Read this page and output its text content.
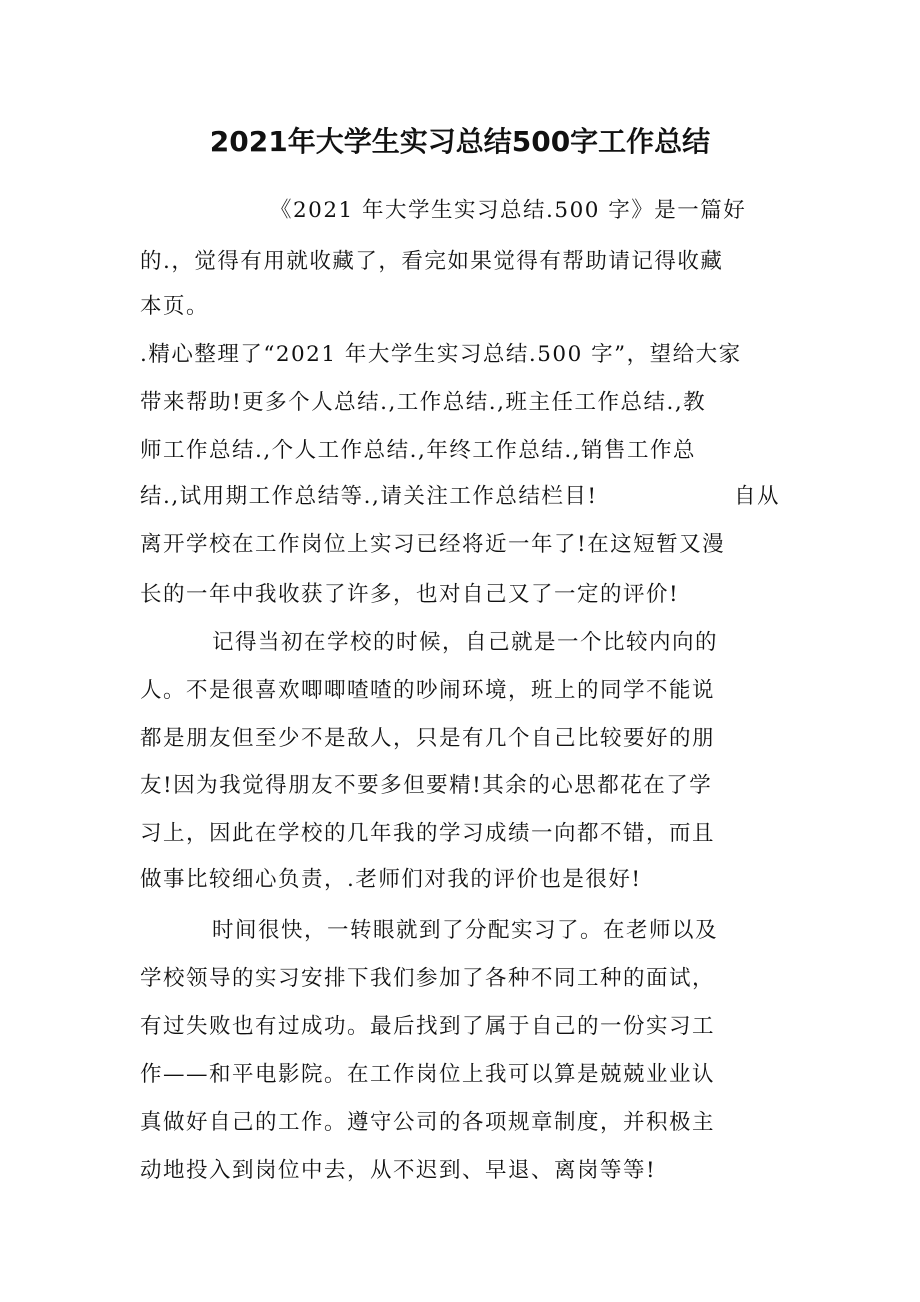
2021年大学生实习总结500字工作总结
《2021 年大学生实习总结.500 字》是一篇好
的.，觉得有用就收藏了，看完如果觉得有帮助请记得收藏
本页。
.精心整理了“2021 年大学生实习总结.500 字”，望给大家
带来帮助!更多个人总结.,工作总结.,班主任工作总结.,教
师工作总结.,个人工作总结.,年终工作总结.,销售工作总
结.,试用期工作总结等.,请关注工作总结栏目!	自从
离开学校在工作岗位上实习已经将近一年了!在这短暂又漫
长的一年中我收获了许多，也对自己又了一定的评价!
记得当初在学校的时候，自己就是一个比较内向的
人。不是很喜欢唧唧喳喳的吵闹环境，班上的同学不能说
都是朋友但至少不是敌人，只是有几个自己比较要好的朋
友!因为我觉得朋友不要多但要精!其余的心思都花在了学
习上，因此在学校的几年我的学习成绩一向都不错，而且
做事比较细心负责，.老师们对我的评价也是很好!
时间很快，一转眼就到了分配实习了。在老师以及
学校领导的实习安排下我们参加了各种不同工种的面试，
有过失败也有过成功。最后找到了属于自己的一份实习工
作——和平电影院。在工作岗位上我可以算是兢兢业业认
真做好自己的工作。遵守公司的各项规章制度，并积极主
动地投入到岗位中去，从不迟到、早退、离岗等等!
